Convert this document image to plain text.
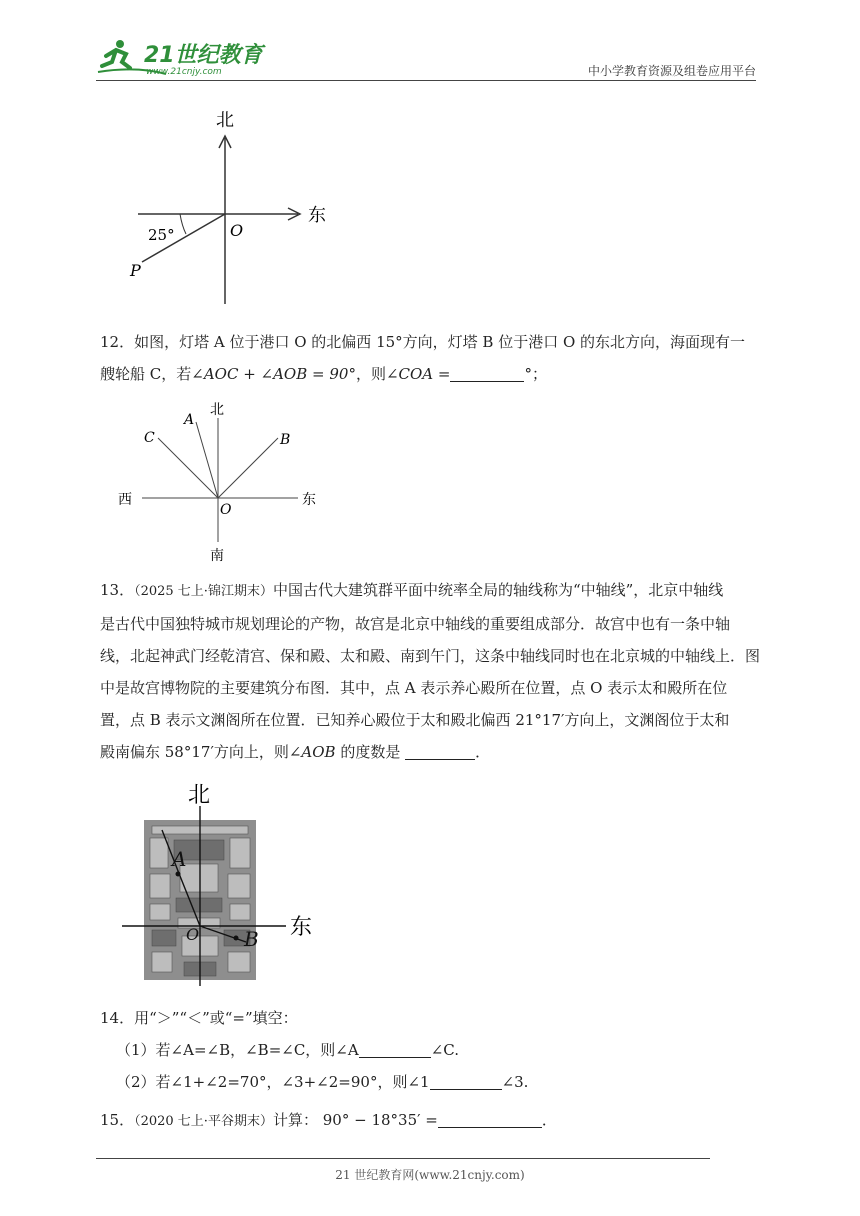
21世纪教育
www.21cnjy.com	中小学教育资源及组卷应用平台
北
东
25°	O
P

12．如图，灯塔 A 位于港口 O 的北偏西 15°方向，灯塔 B 位于港口 O 的东北方向，海面现有一

艘轮船 C，若∠AOC + ∠AOB = 90°，则∠COA =	°；

北
南
东
西
A
B
C
O

13．（2025 七上·锦江期末）中国古代大建筑群平面中统率全局的轴线称为“中轴线”，北京中轴线

是古代中国独特城市规划理论的产物，故宫是北京中轴线的重要组成部分．故宫中也有一条中轴

线，北起神武门经乾清宫、保和殿、太和殿、南到午门，这条中轴线同时也在北京城的中轴线上．图

中是故宫博物院的主要建筑分布图．其中，点 A 表示养心殿所在位置，点 O 表示太和殿所在位

置，点 B 表示文渊阁所在位置．已知养心殿位于太和殿北偏西 21°17′方向上，文渊阁位于太和

殿南偏东 58°17′方向上，则∠AOB 的度数是	．

北
东
A
B
O

14．用“＞”“＜”或“=”填空：

（1）若∠A=∠B，∠B=∠C，则∠A	∠C.

（2）若∠1+∠2=70°，∠3+∠2=90°，则∠1	∠3.

15．（2020 七上·平谷期末）计算： 90° − 18°35′ =	．

21 世纪教育网(www.21cnjy.com)
